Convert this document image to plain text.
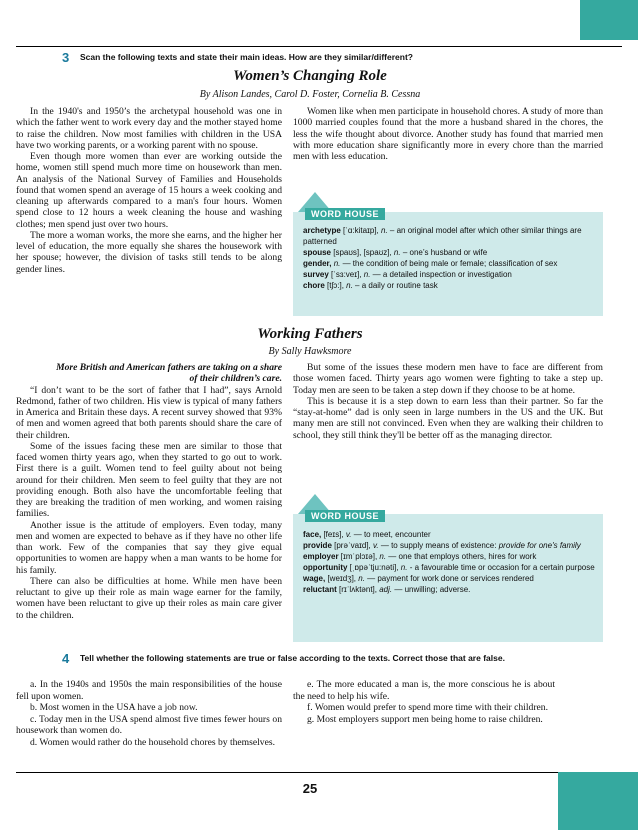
3 Scan the following texts and state their main ideas. How are they similar/different?
Women’s Changing Role
By Alison Landes, Carol D. Foster, Cornelia B. Cessna

In the 1940's and 1950’s the archetypal household was one in which the father went to work every day and the mother stayed home to raise the children. Now most families with children in the USA have two working parents, or a working parent with no spouse.

Even though more women than ever are working outside the home, women still spend much more time on housework than men. An analysis of the National Survey of Families and Households found that women spend an average of 15 hours a week cooking and cleaning up afterwards compared to a man's four hours. Women spend close to 12 hours a week cleaning the house and washing clothes; men spend just over two hours.

The more a woman works, the more she earns, and the higher her level of education, the more equally she shares the housework with her spouse; however, the division of tasks still tends to be along gender lines.

Women like when men participate in household chores. A study of more than 1000 married couples found that the more a husband shared in the chores, the less the wife thought about divorce. Another study has found that married men with more education share significantly more in every chore than the married men with less education.

archetype [ˈɑ:kitaɪp], n. – an original model after which other similar things are patterned
spouse [spaʊs], [spaʊz], n. – one’s husband or wife
gender, n. — the condition of being male or female; classification of sex
survey [ˈsɜ:veɪ], n. — a detailed inspection or investigation
chore [tʃɔ:], n. – a daily or routine task
WORD HOUSE
Working Fathers
By Sally Hawksmore

More British and American fathers are taking on a share of their children’s care.

“I don’t want to be the sort of father that I had”, says Arnold Redmond, father of two children. His view is typical of many fathers in America and Britain these days. A recent survey showed that 93% of men and women agreed that both parents should share the care of their children.

Some of the issues facing these men are similar to those that faced women thirty years ago, when they started to go out to work. First there is a guilt. Women tend to feel guilty about not being around for their children. Men seem to feel guilty that they are not providing enough. Both also have the uncomfortable feeling that they are breaking the tradition of men working, and women raising families.

Another issue is the attitude of employers. Even today, many men and women are expected to behave as if they have no other life than work. Few of the companies that say they give equal opportunities to women are happy when a man wants to be home for his family.

There can also be difficulties at home. While men have been reluctant to give up their role as main wage earner for the family, women have been reluctant to give up their roles as main care giver to the children.

But some of the issues these modern men have to face are different from those women faced. Thirty years ago women were fighting to take a step up. Today men are seen to be taken a step down if they choose to be at home.

This is because it is a step down to earn less than their partner. So far the “stay-at-home” dad is only seen in large numbers in the US and the UK. But many men are still not convinced. Even when they are walking their children to school, they still think they'll be better off as the managing director.

face, [feɪs], v. — to meet, encounter
provide [prəˈvaɪd], v. — to supply means of existence: provide for one's family
employer [ɪmˈplɔɪə], n. — one that employs others, hires for work
opportunity [ˌɒpəˈtju:nəti], n. - a favourable time or occasion for a certain purpose
wage, [weɪdʒ], n. — payment for work done or services rendered
reluctant [rɪˈlʌktənt], adj. — unwilling; adverse.
WORD HOUSE
4 Tell whether the following statements are true or false according to the texts. Correct those that are false.

a. In the 1940s and 1950s the main responsibilities of the house fell upon women.

b. Most women in the USA have a job now.

c. Today men in the USA spend almost five times fewer hours on housework than women do.

d. Women would rather do the household chores by themselves.

e. The more educated a man is, the more conscious he is about the need to help his wife.

f. Women would prefer to spend more time with their children.

g. Most employers support men being home to raise children.

25
